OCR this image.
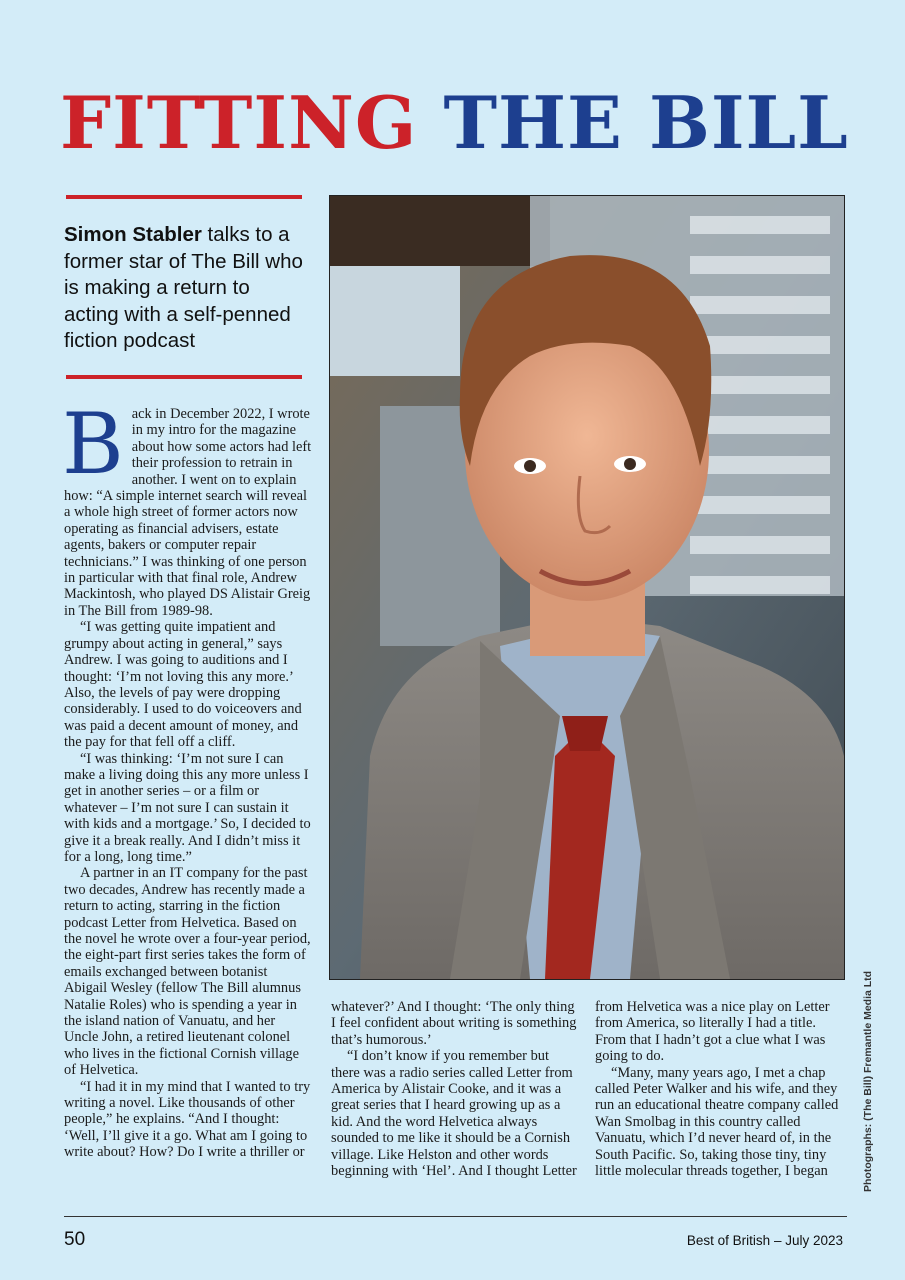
FITTING THE BILL
Simon Stabler talks to a former star of The Bill who is making a return to acting with a self-penned fiction podcast

Back in December 2022, I wrote in my intro for the magazine about how some actors had left their profession to retrain in another. I went on to explain how: “A simple internet search will reveal a whole high street of former actors now operating as financial advisers, estate agents, bakers or computer repair technicians.” I was thinking of one person in particular with that final role, Andrew Mackintosh, who played DS Alistair Greig in The Bill from 1989-98.

“I was getting quite impatient and grumpy about acting in general,” says Andrew. I was going to auditions and I thought: ‘I’m not loving this any more.’ Also, the levels of pay were dropping considerably. I used to do voiceovers and was paid a decent amount of money, and the pay for that fell off a cliff.

“I was thinking: ‘I’m not sure I can make a living doing this any more unless I get in another series – or a film or whatever – I’m not sure I can sustain it with kids and a mortgage.’ So, I decided to give it a break really. And I didn’t miss it for a long, long time.”

A partner in an IT company for the past two decades, Andrew has recently made a return to acting, starring in the fiction podcast Letter from Helvetica. Based on the novel he wrote over a four-year period, the eight-part first series takes the form of emails exchanged between botanist Abigail Wesley (fellow The Bill alumnus Natalie Roles) who is spending a year in the island nation of Vanuatu, and her Uncle John, a retired lieutenant colonel who lives in the fictional Cornish village of Helvetica.

“I had it in my mind that I wanted to try writing a novel. Like thousands of other people,” he explains. “And I thought: ‘Well, I’ll give it a go. What am I going to write about? How? Do I write a thriller or

whatever?’ And I thought: ‘The only thing I feel confident about writing is something that’s humorous.’

“I don’t know if you remember but there was a radio series called Letter from America by Alistair Cooke, and it was a great series that I heard growing up as a kid. And the word Helvetica always sounded to me like it should be a Cornish village. Like Helston and other words beginning with ‘Hel’. And I thought Letter

from Helvetica was a nice play on Letter from America, so literally I had a title. From that I hadn’t got a clue what I was going to do.

“Many, many years ago, I met a chap called Peter Walker and his wife, and they run an educational theatre company called Wan Smolbag in this country called Vanuatu, which I’d never heard of, in the South Pacific. So, taking those tiny, tiny little molecular threads together, I began	Photographs: (The Bill) Fremantle Media Ltd
50	Best of British – July 2023
